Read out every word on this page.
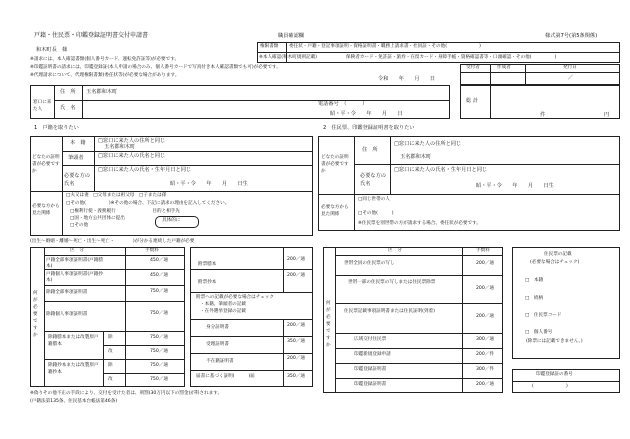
戸籍・住民票・印鑑登録証明書交付申請書
和木町長　様
職員確認欄	様式第7号(第5条関係)
権限書類 委任状・戸籍・登記事項証明・資格証明書・職務上請求書・社員証・その他(　　　　　　　)
※本人確認(和木町規則記載)	保険者カード・免許証・旅券・在留カード・身障手帳・資格確認書等・口頭確認・その他(　　　　　)
※請求には、本人確認書類(個人番号カード、運転免許証等)が必要です。
※印鑑証明書の請求には、印鑑登録証(本人申請の場合のみ、個人番号カードで写真付き本人確認書類でも可)が必要です。
※代理請求について、代理権限書類(委任状等)が必要な場合があります。
受付者	作成者	発行日
／
令和　　年　　月　　日
窓口に来た人
住　所 玉名郡和木町
氏　名
電話番号　（　　　）
昭・平・令　　年　　月　　日
総 計
件	円
1　戸籍を取りたい
どなたの証明書が必要ですか
本　籍 □窓口に来た人の住所と同じ
玉名郡和木町
筆頭者	□窓口に来た人の氏名と同じ
必要な方の氏名
□窓口に来た人の氏名・生年月日と同じ
昭・平・令　　年　　月　　日生
必要な方から見た関係
□夫又は妻　□父母または祖父母　□子または孫
□その他(　　　　　)※その他の場合、下記に請求の理由を記入してください。
□権利行使・義務履行　　　　　　　　目的と相手先
□国・地方公共団体に提出
□その他
具体的に
2　住民票、印鑑登録証明書を取りたい
どなたの証明書が必要ですか
住　所
□窓口に来た人の住所と同じ
玉名郡和木町
必要な方の氏名
□窓口に来た人の氏名・生年月日と同じ
昭・平・令　　年　　月　　日生
必要な方から見た関係
□同じ世帯の人
□その他(　　　)
※住民票を別世帯の方が請求する場合、委任状が必要です。
(出生～婚姻・離婚～死亡・出生～死亡・　　　　)が分かる連続した戸籍が必要
区　分	手数料
何が必要ですか
戸籍全部事項証明書(戸籍謄本)
450／通
戸籍個人事項証明書(戸籍抄本)
450／通
除籍全部事項証明書	750／通
除籍個人事項証明書	750／通
除籍謄本または改製原戸籍謄本
除	750／通
改	750／通
除籍抄本または改製原戸籍抄本
除	750／通
改	750／通
附票謄本
200／通
附票抄本
200／通
附票への記載が必要な場合はチェック
・本籍、筆頭者の記載
・在外選挙登録の記載
身分証明書	200／通
受理証明書
350／通
不在籍証明書
200／通
届書に基づく証明(　　　)届	350／通
区　分	手数料
何が必要ですか
世帯全員の住民票の写し	200／通
世帯一部の住民票の写しまたは住民票除票
200／通
住民票記載事項証明書または住民証明(到着)
200／通
広域交付住民票	300／通
印鑑新規登録申請	200／件
印鑑登録証明書	300／件
印鑑登録証明書	200／通
住民票の記載
(必要な場合はチェック)
□　本籍
□　続柄
□　住民票コード
□　個人番号
(除票には記載できません。)
印鑑登録証の番号
(　　　　　　　)
※偽りその他不正の手段により、交付を受けた者は、刑罰(30万円以下の罰金)が科されます。
(戸籍法第135条、住民基本台帳法第46条)
